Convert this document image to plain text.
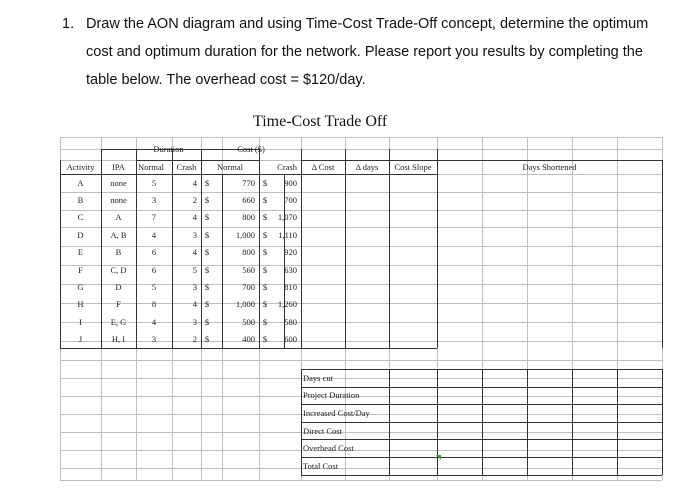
1. Draw the AON diagram and using Time-Cost Trade-Off concept, determine the optimum cost and optimum duration for the network. Please report you results by completing the table below. The overhead cost = $120/day.
Time-Cost Trade Off
Duration	Cost ($)
Activity	IPA	Normal	Crash	Normal	Crash	Δ Cost	Δ days	Cost Slope	Days Shortened
A	none	5	4 $	770 $	900
B	none	3	2 $	660 $	700
C	A	7	4 $	800 $	1,070
D	A, B	4	3 $	1,000 $	1,110
E	B	6	4 $	800 $	920
F	C, D	6	5 $	560 $	630
G	D	5	3 $	700 $	810
H	F	8	4 $	1,000 $	1,260
I	E, G	4	3 $	500 $	580
J	H, I	3	2 $	400 $	600
Days cut
Project Duration
Increased Cost/Day
Direct Cost
Overhead Cost
Total Cost
